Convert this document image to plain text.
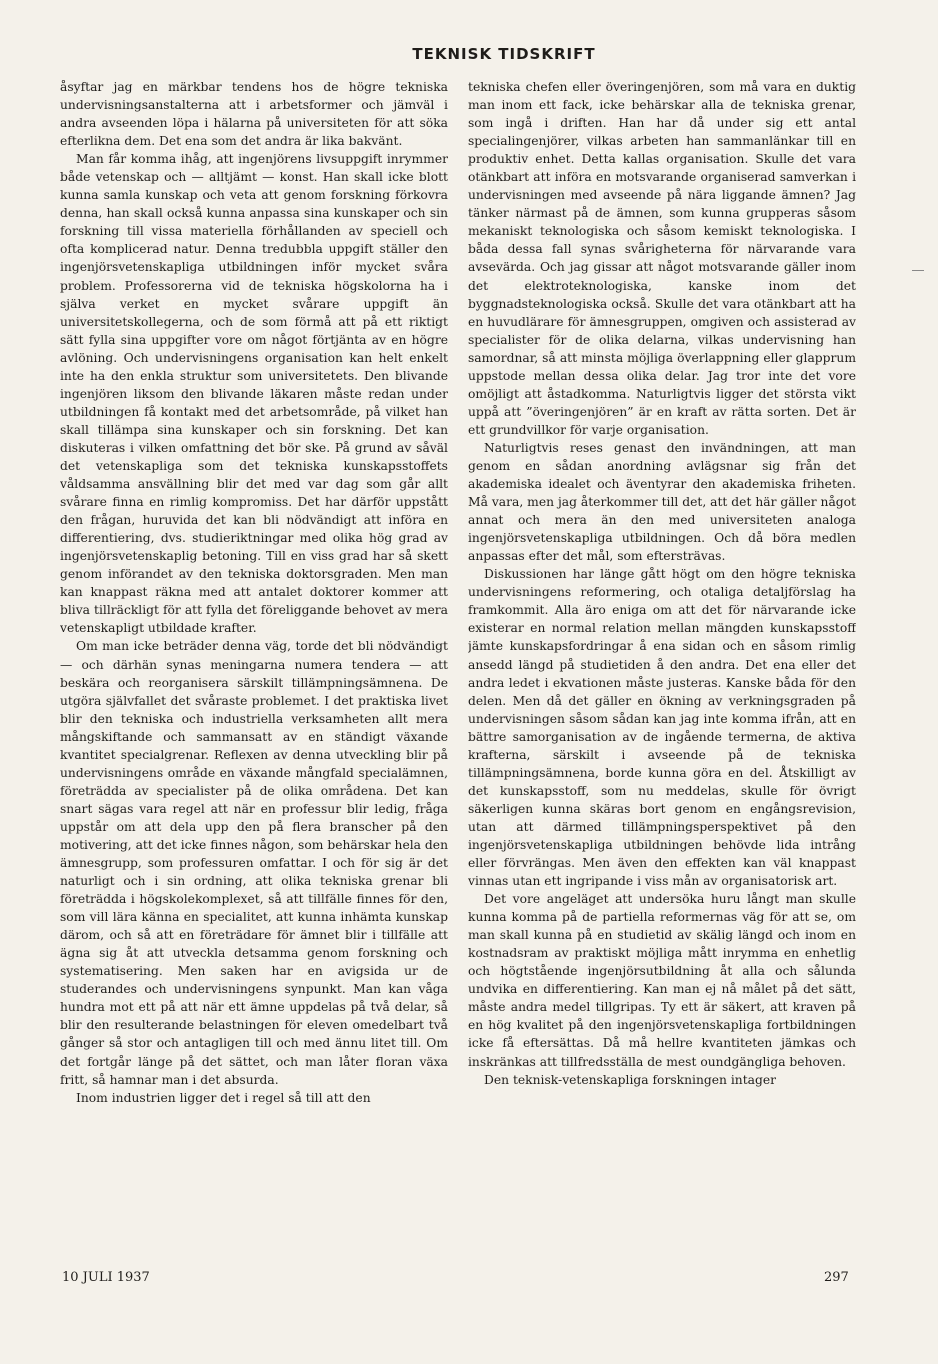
TEKNISK TIDSKRIFT

åsyftar jag en märkbar tendens hos de högre tekniska undervisningsanstalterna att i arbetsformer och jämväl i andra avseenden löpa i hälarna på universiteten för att söka efterlikna dem. Det ena som det andra är lika bakvänt.

Man får komma ihåg, att ingenjörens livsuppgift inrymmer både vetenskap och — alltjämt — konst. Han skall icke blott kunna samla kunskap och veta att genom forskning förkovra denna, han skall också kunna anpassa sina kunskaper och sin forskning till vissa materiella förhållanden av speciell och ofta komplicerad natur. Denna tredubbla uppgift ställer den ingenjörsvetenskapliga utbildningen inför mycket svåra problem. Professorerna vid de tekniska högskolorna ha i själva verket en mycket svårare uppgift än universitetskollegerna, och de som förmå att på ett riktigt sätt fylla sina uppgifter vore om något förtjänta av en högre avlöning. Och undervisningens organisation kan helt enkelt inte ha den enkla struktur som universitetets. Den blivande ingenjören liksom den blivande läkaren måste redan under utbildningen få kontakt med det arbetsområde, på vilket han skall tillämpa sina kunskaper och sin forskning. Det kan diskuteras i vilken omfattning det bör ske. På grund av såväl det vetenskapliga som det tekniska kunskapsstoffets våldsamma ansvällning blir det med var dag som går allt svårare finna en rimlig kompromiss. Det har därför uppstått den frågan, huruvida det kan bli nödvändigt att införa en differentiering, dvs. studieriktningar med olika hög grad av ingenjörsvetenskaplig betoning. Till en viss grad har så skett genom införandet av den tekniska doktorsgraden. Men man kan knappast räkna med att antalet doktorer kommer att bliva tillräckligt för att fylla det föreliggande behovet av mera vetenskapligt utbildade krafter.

Om man icke beträder denna väg, torde det bli nödvändigt — och därhän synas meningarna numera tendera — att beskära och reorganisera särskilt tillämpningsämnena. De utgöra självfallet det svåraste problemet. I det praktiska livet blir den tekniska och industriella verksamheten allt mera mångskiftande och sammansatt av en ständigt växande kvantitet specialgrenar. Reflexen av denna utveckling blir på undervisningens område en växande mångfald specialämnen, företrädda av specialister på de olika områdena. Det kan snart sägas vara regel att när en professur blir ledig, fråga uppstår om att dela upp den på flera branscher på den motivering, att det icke finnes någon, som behärskar hela den ämnesgrupp, som professuren omfattar. I och för sig är det naturligt och i sin ordning, att olika tekniska grenar bli företrädda i högskolekomplexet, så att tillfälle finnes för den, som vill lära känna en specialitet, att kunna inhämta kunskap därom, och så att en företrädare för ämnet blir i tillfälle att ägna sig åt att utveckla detsamma genom forskning och systematisering. Men saken har en avigsida ur de studerandes och undervisningens synpunkt. Man kan våga hundra mot ett på att när ett ämne uppdelas på två delar, så blir den resulterande belastningen för eleven omedelbart två gånger så stor och antagligen till och med ännu litet till. Om det fortgår länge på det sättet, och man låter floran växa fritt, så hamnar man i det absurda.

Inom industrien ligger det i regel så till att den

tekniska chefen eller överingenjören, som må vara en duktig man inom ett fack, icke behärskar alla de tekniska grenar, som ingå i driften. Han har då under sig ett antal specialingenjörer, vilkas arbeten han sammanlänkar till en produktiv enhet. Detta kallas organisation. Skulle det vara otänkbart att införa en motsvarande organiserad samverkan i undervisningen med avseende på nära liggande ämnen? Jag tänker närmast på de ämnen, som kunna grupperas såsom mekaniskt teknologiska och såsom kemiskt teknologiska. I båda dessa fall synas svårigheterna för närvarande vara avsevärda. Och jag gissar att något motsvarande gäller inom det elektroteknologiska, kanske inom det byggnadsteknologiska också. Skulle det vara otänkbart att ha en huvudlärare för ämnesgruppen, omgiven och assisterad av specialister för de olika delarna, vilkas undervisning han samordnar, så att minsta möjliga överlappning eller glapprum uppstode mellan dessa olika delar. Jag tror inte det vore omöjligt att åstadkomma. Naturligtvis ligger det största vikt uppå att ”överingenjören” är en kraft av rätta sorten. Det är ett grundvillkor för varje organisation.

Naturligtvis reses genast den invändningen, att man genom en sådan anordning avlägsnar sig från det akademiska idealet och äventyrar den akademiska friheten. Må vara, men jag återkommer till det, att det här gäller något annat och mera än den med universiteten analoga ingenjörsvetenskapliga utbildningen. Och då böra medlen anpassas efter det mål, som eftersträvas.

Diskussionen har länge gått högt om den högre tekniska undervisningens reformering, och otaliga detaljförslag ha framkommit. Alla äro eniga om att det för närvarande icke existerar en normal relation mellan mängden kunskapsstoff jämte kunskapsfordringar å ena sidan och en såsom rimlig ansedd längd på studietiden å den andra. Det ena eller det andra ledet i ekvationen måste justeras. Kanske båda för den delen. Men då det gäller en ökning av verkningsgraden på undervisningen såsom sådan kan jag inte komma ifrån, att en bättre samorganisation av de ingående termerna, de aktiva krafterna, särskilt i avseende på de tekniska tillämpningsämnena, borde kunna göra en del. Åtskilligt av det kunskapsstoff, som nu meddelas, skulle för övrigt säkerligen kunna skäras bort genom en engångsrevision, utan att därmed tillämpningsperspektivet på den ingenjörsvetenskapliga utbildningen behövde lida intrång eller förvrängas. Men även den effekten kan väl knappast vinnas utan ett ingripande i viss mån av organisatorisk art.

Det vore angeläget att undersöka huru långt man skulle kunna komma på de partiella reformernas väg för att se, om man skall kunna på en studietid av skälig längd och inom en kostnadsram av praktiskt möjliga mått inrymma en enhetlig och högtstående ingenjörsutbildning åt alla och sålunda undvika en differentiering. Kan man ej nå målet på det sätt, måste andra medel tillgripas. Ty ett är säkert, att kraven på en hög kvalitet på den ingenjörsvetenskapliga fortbildningen icke få eftersättas. Då må hellre kvantiteten jämkas och inskränkas att tillfredsställa de mest oundgängliga behoven.

Den teknisk-vetenskapliga forskningen intager

10 JULI 1937	297
